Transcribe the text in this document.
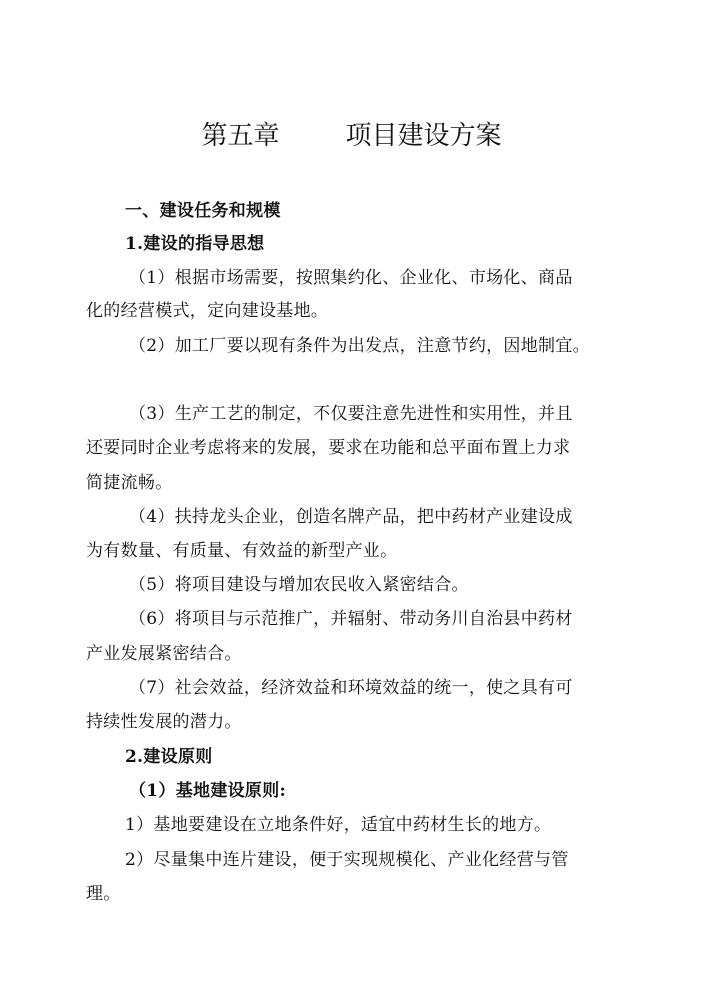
第五章        项目建设方案
一、建设任务和规模
1.建设的指导思想
（1）根据市场需要，按照集约化、企业化、市场化、商品
化的经营模式，定向建设基地。
（2）加工厂要以现有条件为出发点，注意节约，因地制宜。
（3）生产工艺的制定，不仅要注意先进性和实用性，并且
还要同时企业考虑将来的发展，要求在功能和总平面布置上力求
简捷流畅。
（4）扶持龙头企业，创造名牌产品，把中药材产业建设成
为有数量、有质量、有效益的新型产业。
（5）将项目建设与增加农民收入紧密结合。
（6）将项目与示范推广，并辐射、带动务川自治县中药材
产业发展紧密结合。
（7）社会效益，经济效益和环境效益的统一，使之具有可
持续性发展的潜力。
2.建设原则
（1）基地建设原则:
1）基地要建设在立地条件好，适宜中药材生长的地方。
2）尽量集中连片建设，便于实现规模化、产业化经营与管
理。
